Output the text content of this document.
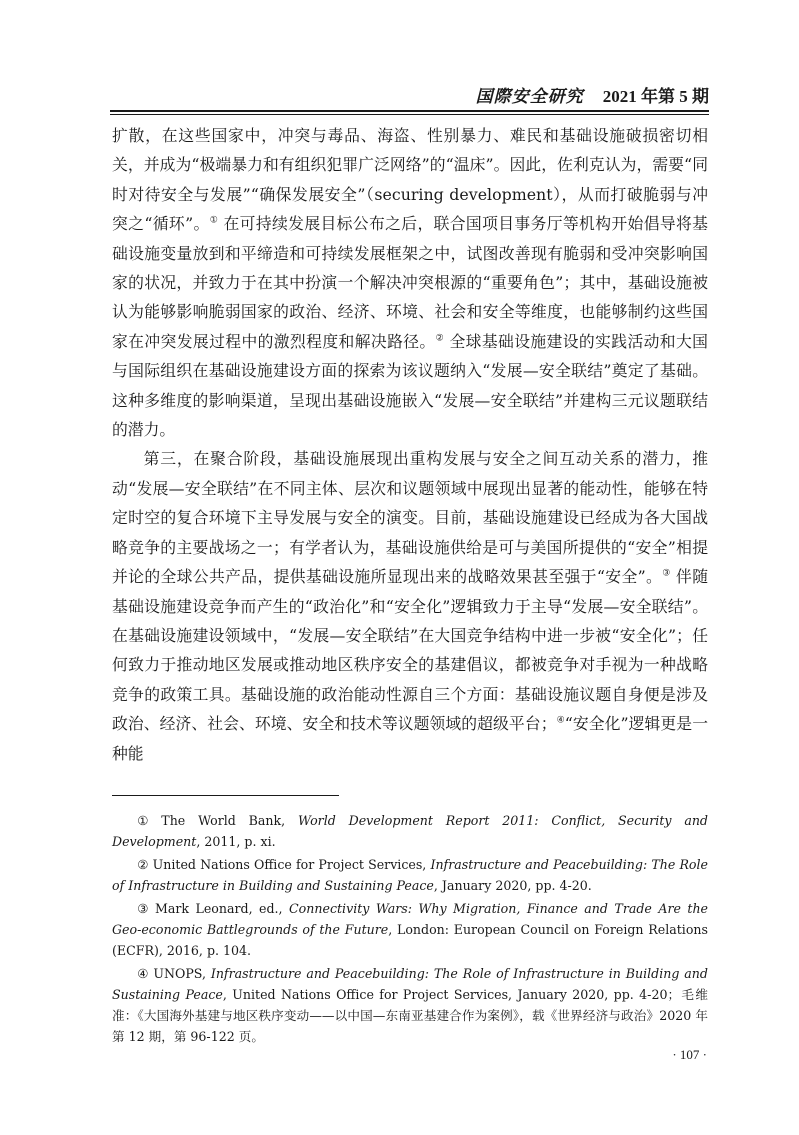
国際安全研究 2021 年第 5 期

扩散，在这些国家中，冲突与毒品、海盗、性别暴力、难民和基础设施破损密切相关，并成为“极端暴力和有组织犯罪广泛网络”的“温床”。因此，佐利克认为，需要“同时对待安全与发展”“确保发展安全”（securing development），从而打破脆弱与冲突之“循环”。① 在可持续发展目标公布之后，联合国项目事务厅等机构开始倡导将基础设施变量放到和平缔造和可持续发展框架之中，试图改善现有脆弱和受冲突影响国家的状况，并致力于在其中扮演一个解决冲突根源的“重要角色”；其中，基础设施被认为能够影响脆弱国家的政治、经济、环境、社会和安全等维度，也能够制约这些国家在冲突发展过程中的激烈程度和解决路径。② 全球基础设施建设的实践活动和大国与国际组织在基础设施建设方面的探索为该议题纳入“发展—安全联结”奠定了基础。这种多维度的影响渠道，呈现出基础设施嵌入“发展—安全联结”并建构三元议题联结的潜力。

第三，在聚合阶段，基础设施展现出重构发展与安全之间互动关系的潜力，推动“发展—安全联结”在不同主体、层次和议题领域中展现出显著的能动性，能够在特定时空的复合环境下主导发展与安全的演变。目前，基础设施建设已经成为各大国战略竞争的主要战场之一；有学者认为，基础设施供给是可与美国所提供的“安全”相提并论的全球公共产品，提供基础设施所显现出来的战略效果甚至强于“安全”。③ 伴随基础设施建设竞争而产生的“政治化”和“安全化”逻辑致力于主导“发展—安全联结”。在基础设施建设领域中，“发展—安全联结”在大国竞争结构中进一步被“安全化”；任何致力于推动地区发展或推动地区秩序安全的基建倡议，都被竞争对手视为一种战略竞争的政策工具。基础设施的政治能动性源自三个方面：基础设施议题自身便是涉及政治、经济、社会、环境、安全和技术等议题领域的超级平台；④“安全化”逻辑更是一种能

① The World Bank, World Development Report 2011: Conflict, Security and Development, 2011, p. xi.

② United Nations Office for Project Services, Infrastructure and Peacebuilding: The Role of Infrastructure in Building and Sustaining Peace, January 2020, pp. 4-20.

③ Mark Leonard, ed., Connectivity Wars: Why Migration, Finance and Trade Are the Geo-economic Battlegrounds of the Future, London: European Council on Foreign Relations (ECFR), 2016, p. 104.

④ UNOPS, Infrastructure and Peacebuilding: The Role of Infrastructure in Building and Sustaining Peace, United Nations Office for Project Services, January 2020, pp. 4-20；毛维准：《大国海外基建与地区秩序变动——以中国—东南亚基建合作为案例》，载《世界经济与政治》2020 年第 12 期，第 96-122 页。

· 107 ·
